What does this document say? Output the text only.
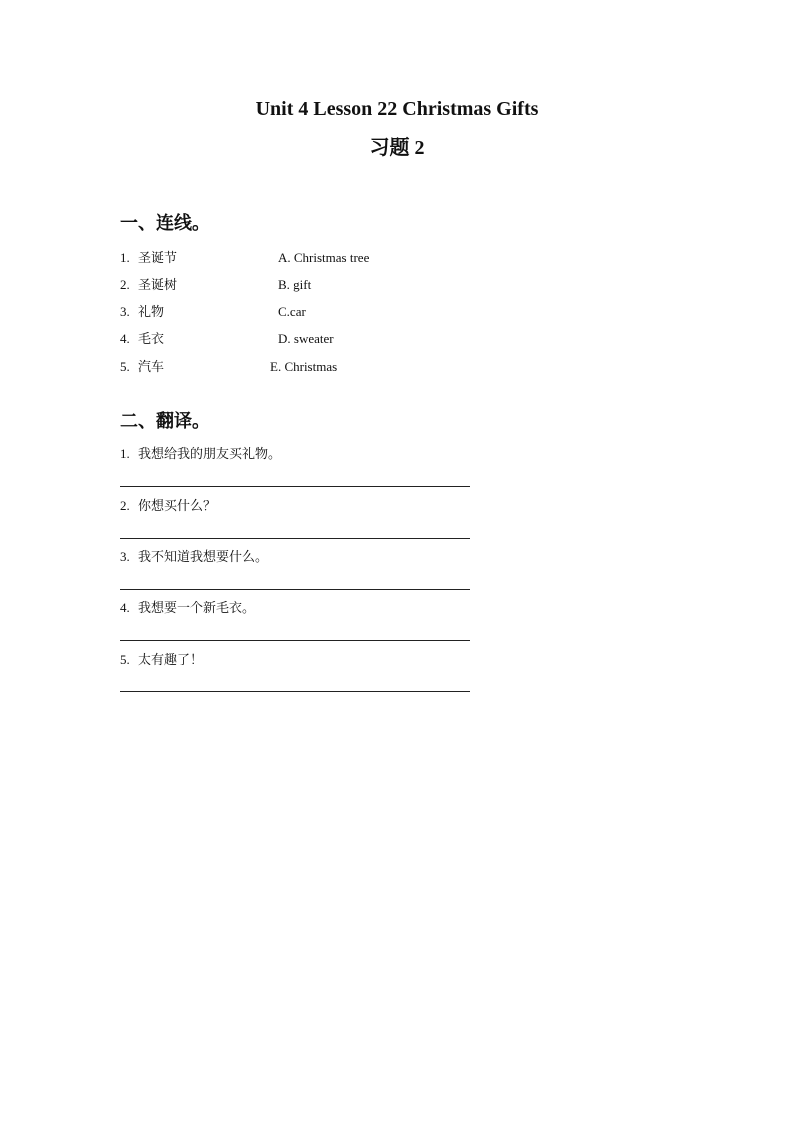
Unit 4 Lesson 22 Christmas Gifts
习题 2
一、连线。
1. 圣诞节
2. 圣诞树
3. 礼物
4. 毛衣
5. 汽车
A. Christmas tree
B. gift
C.car
D. sweater
E. Christmas
二、翻译。
1. 我想给我的朋友买礼物。
2. 你想买什么？
3. 我不知道我想要什么。
4. 我想要一个新毛衣。
5. 太有趣了！
